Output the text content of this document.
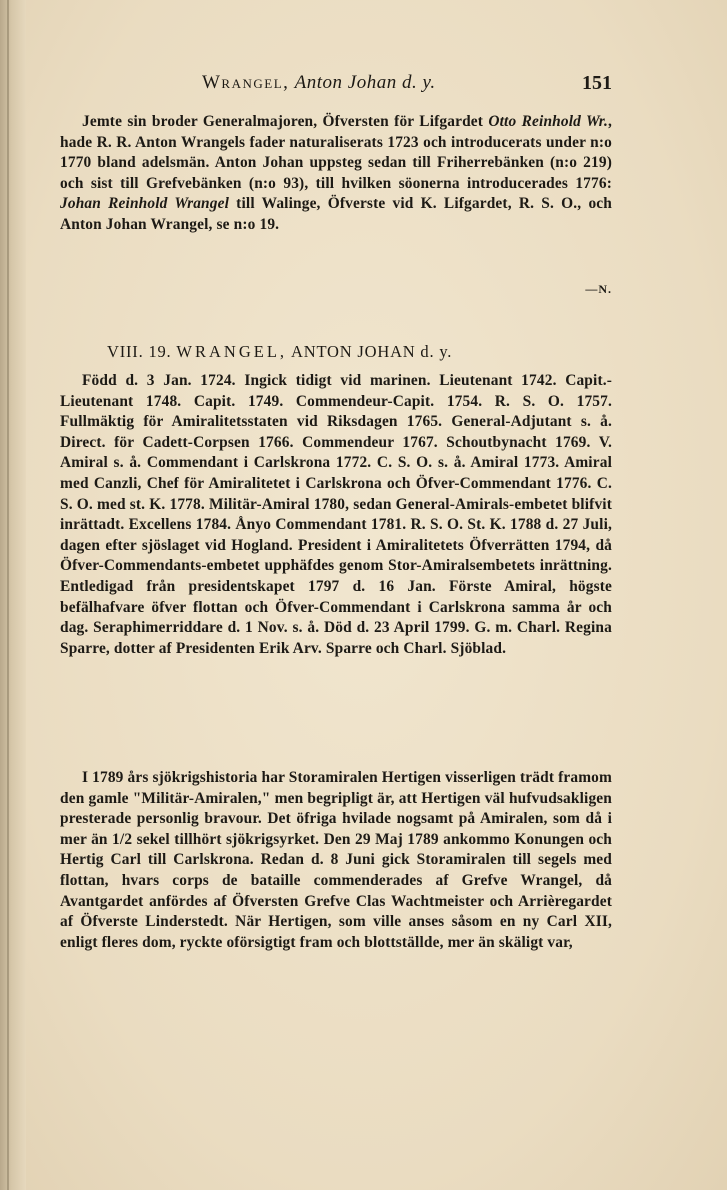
Wrangel, Anton Johan d. y.	151

Jemte sin broder Generalmajoren, Öfversten för Lifgardet Otto Reinhold Wr., hade R. R. Anton Wrangels fader naturaliserats 1723 och introducerats under n:o 1770 bland adelsmän. Anton Johan uppsteg sedan till Friherrebänken (n:o 219) och sist till Grefvebänken (n:o 93), till hvilken söonerna introducerades 1776: Johan Reinhold Wrangel till Walinge, Öfverste vid K. Lifgardet, R. S. O., och Anton Johan Wrangel, se n:o 19.

—N.
VIII. 19. WRANGEL, ANTON JOHAN d. y.

Född d. 3 Jan. 1724. Ingick tidigt vid marinen. Lieutenant 1742. Capit.-Lieutenant 1748. Capit. 1749. Commendeur-Capit. 1754. R. S. O. 1757. Fullmäktig för Amiralitetsstaten vid Riksdagen 1765. General-Adjutant s. å. Direct. för Cadett-Corpsen 1766. Commendeur 1767. Schoutbynacht 1769. V. Amiral s. å. Commendant i Carlskrona 1772. C. S. O. s. å. Amiral 1773. Amiral med Canzli, Chef för Amiralitetet i Carlskrona och Öfver-Commendant 1776. C. S. O. med st. K. 1778. Militär-Amiral 1780, sedan General-Amirals-embetet blifvit inrättadt. Excellens 1784. Ånyo Commendant 1781. R. S. O. St. K. 1788 d. 27 Juli, dagen efter sjöslaget vid Hogland. President i Amiralitetets Öfverrätten 1794, då Öfver-Commendants-embetet upphäfdes genom Stor-Amiralsembetets inrättning. Entledigad från presidentskapet 1797 d. 16 Jan. Förste Amiral, högste befälhafvare öfver flottan och Öfver-Commendant i Carlskrona samma år och dag. Seraphimerriddare d. 1 Nov. s. å. Död d. 23 April 1799. G. m. Charl. Regina Sparre, dotter af Presidenten Erik Arv. Sparre och Charl. Sjöblad.

I 1789 års sjökrigshistoria har Storamiralen Hertigen visserligen trädt framom den gamle "Militär-Amiralen," men begripligt är, att Hertigen väl hufvudsakligen presterade personlig bravour. Det öfriga hvilade nogsamt på Amiralen, som då i mer än 1/2 sekel tillhört sjökrigsyrket. Den 29 Maj 1789 ankommo Konungen och Hertig Carl till Carlskrona. Redan d. 8 Juni gick Storamiralen till segels med flottan, hvars corps de bataille commenderades af Grefve Wrangel, då Avantgardet anfördes af Öfversten Grefve Clas Wachtmeister och Arrièregardet af Öfverste Linderstedt. När Hertigen, som ville anses såsom en ny Carl XII, enligt fleres dom, ryckte oförsigtigt fram och blottställde, mer än skäligt var,
